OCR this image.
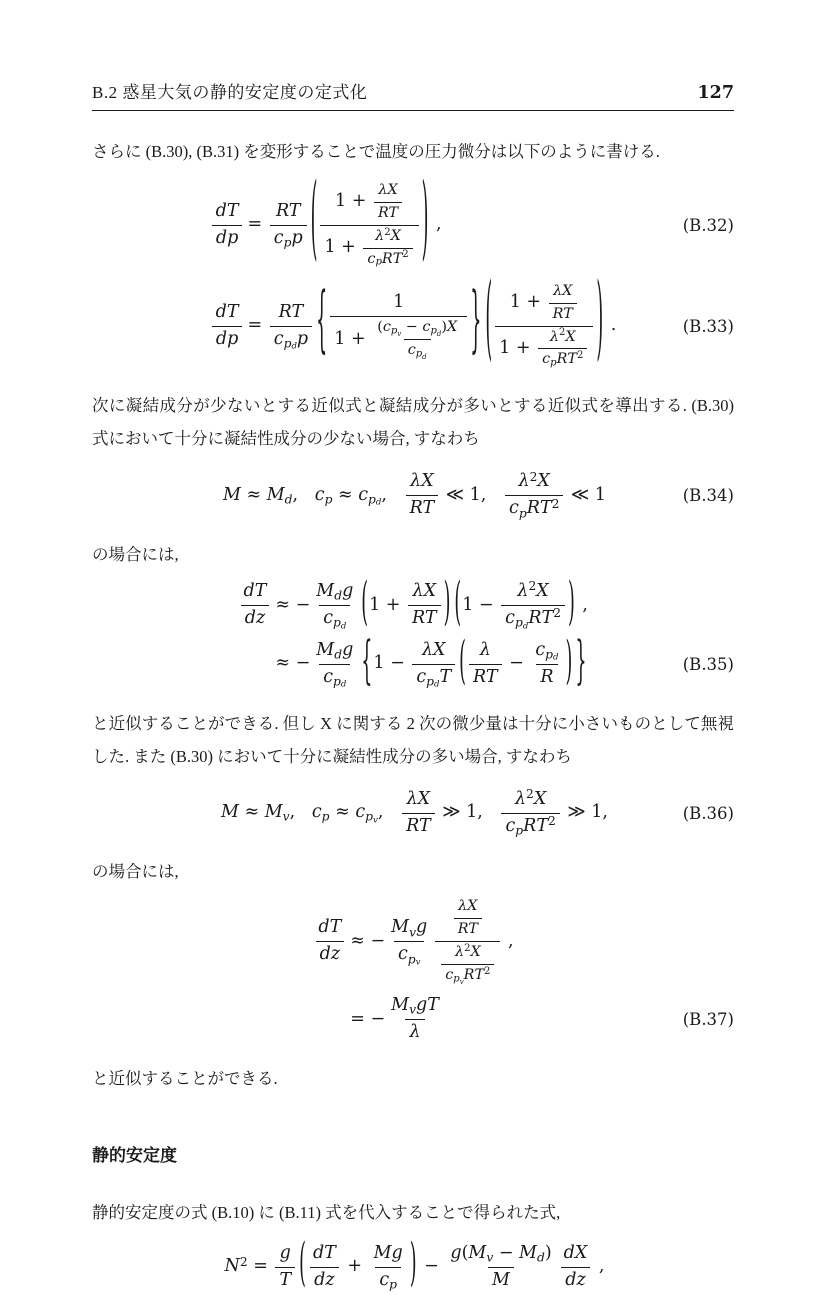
B.2 惑星大気の静的安定度の定式化	127

さらに (B.30), (B.31) を変形することで温度の圧力微分は以下のように書ける.

dT
dp
=
RT
c p p ( $1 + \frac{\lambda X}{RT}$
1 +
λ 2 X
c p R T 2 ) ,	(B.32)
dT
dp
=
RT
c p d p {	1
1 +
( c p v − c p d ) X
c p d } ( $1 + \frac{\lambda X}{RT}$
1 +
λ 2 X
c p R T 2 ) .	(B.33)

次に凝結成分が少ないとする近似式と凝結成分が多いとする近似式を導出する. (B.30) 式において十分に凝結性成分の少ない場合, すなわち

M ≈ M d , c p ≈ c p d ,
λX
RT
≪ 1,
λ 2 X
c p R T 2 ≪ 1	(B.34)

の場合には,

dT
dz
≈ −
M d g
c p d ( $1 + \frac{\lambda X}{RT}$ ) ( 1 −
λ 2 X
c p d R T 2 ) ,
≈ −
M d g
c p d { 1 −
λX
c p d T ( λ
RT
−
c p d
R ) }	(B.35)

と近似することができる. 但し X に関する 2 次の微少量は十分に小さいものとして無視した. また (B.30) において十分に凝結性成分の多い場合, すなわち

M ≈ M v , c p ≈ c p v ,
λX
RT
≫ 1,
λ 2 X
c p R T 2 ≫ 1,	(B.36)

の場合には,

dT
dz
≈ −
M v g
c p v
λX
RT
λ 2 X
c p v R T 2
,
= −
M v gT
λ
(B.37)

と近似することができる.

静的安定度

静的安定度の式 (B.10) に (B.11) 式を代入することで得られた式,

N $2 = \frac{g}{T}$ ( dT
dz
+ $\frac{Mg}{\text{c p}}$ ) − $\frac{\text{g ( M v − M d )}}{M}$ dX
dz
,
